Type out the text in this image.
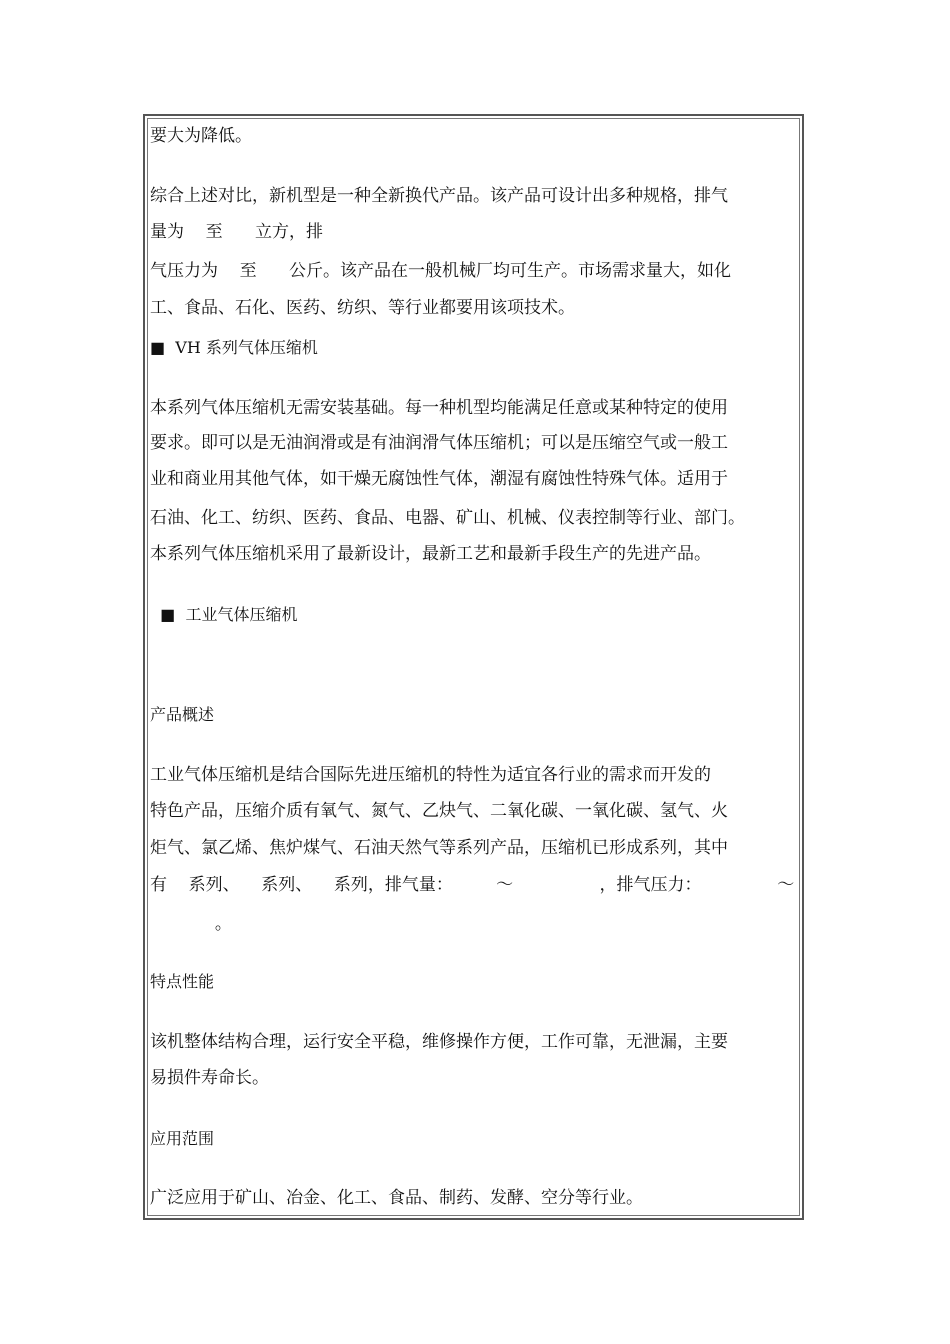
要大为降低。
综合上述对比，新机型是一种全新换代产品。该产品可设计出多种规格，排气
量为    至      立方，排
气压力为    至      公斤。该产品在一般机械厂均可生产。市场需求量大，如化
工、食品、石化、医药、纺织、等行业都要用该项技术。
■  VH 系列气体压缩机
本系列气体压缩机无需安装基础。每一种机型均能满足任意或某种特定的使用
要求。即可以是无油润滑或是有油润滑气体压缩机；可以是压缩空气或一般工
业和商业用其他气体，如干燥无腐蚀性气体，潮湿有腐蚀性特殊气体。适用于
石油、化工、纺织、医药、食品、电器、矿山、机械、仪表控制等行业、部门。
本系列气体压缩机采用了最新设计，最新工艺和最新手段生产的先进产品。
■  工业气体压缩机
产品概述
工业气体压缩机是结合国际先进压缩机的特性为适宜各行业的需求而开发的
特色产品，压缩介质有氧气、氮气、乙炔气、二氧化碳、一氧化碳、氢气、火
炬气、氯乙烯、焦炉煤气、石油天然气等系列产品，压缩机已形成系列，其中
有    系列、    系列、    系列，排气量：        ～                ，排气压力：              ～
。
特点性能
该机整体结构合理，运行安全平稳，维修操作方便，工作可靠，无泄漏，主要
易损件寿命长。
应用范围
广泛应用于矿山、冶金、化工、食品、制药、发酵、空分等行业。
